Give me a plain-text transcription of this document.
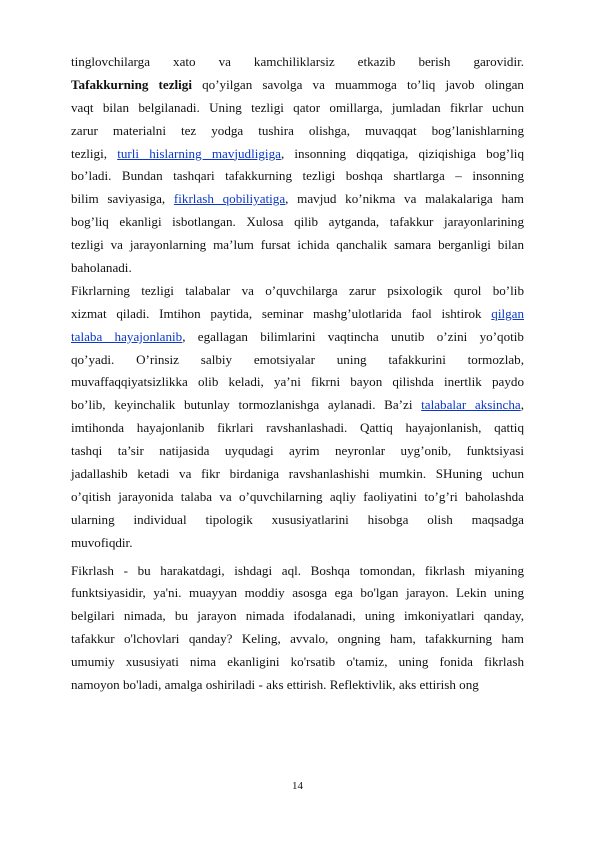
tinglovchilarga xato va kamchiliklarsiz etkazib berish garovidir.
Tafakkurning tezligi qo’yilgan savolga va muammoga to’liq javob olingan
vaqt bilan belgilanadi. Uning tezligi qator omillarga, jumladan fikrlar uchun
zarur materialni tez yodga tushira olishga, muvaqqat bog’lanishlarning
tezligi, turli hislarning mavjudligiga, insonning diqqatiga, qiziqishiga bog’liq
bo’ladi. Bundan tashqari tafakkurning tezligi boshqa shartlarga – insonning
bilim saviyasiga, fikrlash qobiliyatiga, mavjud ko’nikma va malakalariga ham
bog’liq ekanligi isbotlangan. Xulosa qilib aytganda, tafakkur jarayonlarining
tezligi va jarayonlarning ma’lum fursat ichida qanchalik samara berganligi bilan
baholanadi.
Fikrlarning tezligi talabalar va o’quvchilarga zarur psixologik qurol bo’lib
xizmat qiladi. Imtihon paytida, seminar mashg’ulotlarida faol ishtirok qilgan
talaba hayajonlanib, egallagan bilimlarini vaqtincha unutib o’zini yo’qotib
qo’yadi. O’rinsiz salbiy emotsiyalar uning tafakkurini tormozlab,
muvaffaqqiyatsizlikka olib keladi, ya’ni fikrni bayon qilishda inertlik paydo
bo’lib, keyinchalik butunlay tormozlanishga aylanadi. Ba’zi talabalar aksincha,
imtihonda hayajonlanib fikrlari ravshanlashadi. Qattiq hayajonlanish, qattiq
tashqi ta’sir natijasida uyqudagi ayrim neyronlar uyg’onib, funktsiyasi
jadallashib ketadi va fikr birdaniga ravshanlashishi mumkin. SHuning uchun
o’qitish jarayonida talaba va o’quvchilarning aqliy faoliyatini to’g’ri baholashda
ularning individual tipologik xususiyatlarini hisobga olish maqsadga
muvofiqdir.
Fikrlash - bu harakatdagi, ishdagi aql. Boshqa tomondan, fikrlash miyaning
funktsiyasidir, ya'ni. muayyan moddiy asosga ega bo'lgan jarayon. Lekin uning
belgilari nimada, bu jarayon nimada ifodalanadi, uning imkoniyatlari qanday,
tafakkur o'lchovlari qanday? Keling, avvalo, ongning ham, tafakkurning ham
umumiy xususiyati nima ekanligini ko'rsatib o'tamiz, uning fonida fikrlash
namoyon bo'ladi, amalga oshiriladi - aks ettirish. Reflektivlik, aks ettirish ong
14
